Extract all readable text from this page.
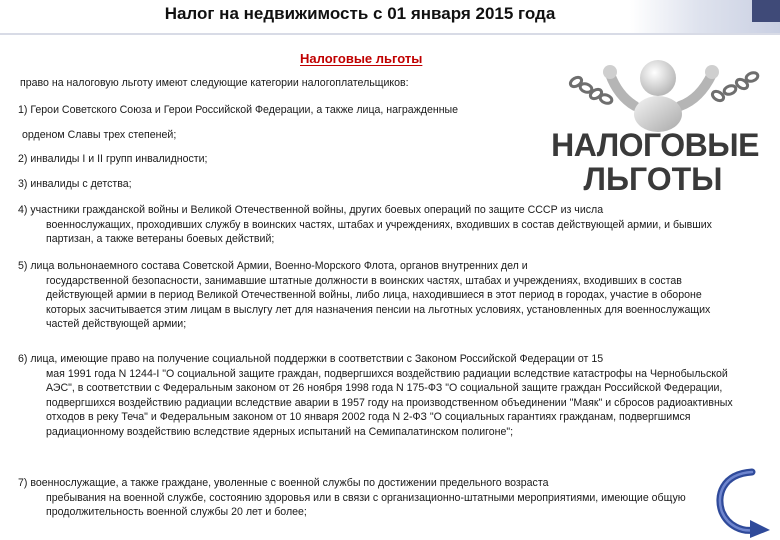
Налог на недвижимость с 01 января 2015 года
Налоговые льготы
право на налоговую льготу имеют следующие категории налогоплательщиков:
1) Герои Советского Союза и Герои Российской Федерации, а также лица, награжденные
орденом Славы трех степеней;
2) инвалиды I и II групп инвалидности;
3) инвалиды с детства;
4) участники гражданской войны и Великой Отечественной войны, других боевых операций по защите СССР из числа
военнослужащих, проходивших службу в воинских частях, штабах и учреждениях, входивших в состав действующей армии, и бывших партизан, а также ветераны боевых действий;
5) лица вольнонаемного состава Советской Армии, Военно-Морского Флота, органов внутренних дел и
государственной безопасности, занимавшие штатные должности в воинских частях, штабах и учреждениях, входивших в состав действующей армии в период Великой Отечественной войны, либо лица, находившиеся в этот период в городах, участие в обороне которых засчитывается этим лицам в выслугу лет для назначения пенсии на льготных условиях, установленных для военнослужащих частей действующей армии;
6) лица, имеющие право на получение социальной поддержки в соответствии с Законом Российской Федерации от 15
мая 1991 года N 1244-I "О социальной защите граждан, подвергшихся воздействию радиации вследствие катастрофы на Чернобыльской АЭС", в соответствии с Федеральным законом от 26 ноября 1998 года N 175-ФЗ "О социальной защите граждан Российской Федерации, подвергшихся воздействию радиации вследствие аварии в 1957 году на производственном объединении "Маяк" и сбросов радиоактивных отходов в реку Теча" и Федеральным законом от 10 января 2002 года N 2-ФЗ "О социальных гарантиях гражданам, подвергшимся радиационному воздействию вследствие ядерных испытаний на Семипалатинском полигоне";
7) военнослужащие, а также граждане, уволенные с военной службы по достижении предельного возраста
пребывания на военной службе, состоянию здоровья или в связи с организационно-штатными мероприятиями, имеющие общую продолжительность военной службы 20 лет и более;
НАЛОГОВЫЕ
ЛЬГОТЫ
